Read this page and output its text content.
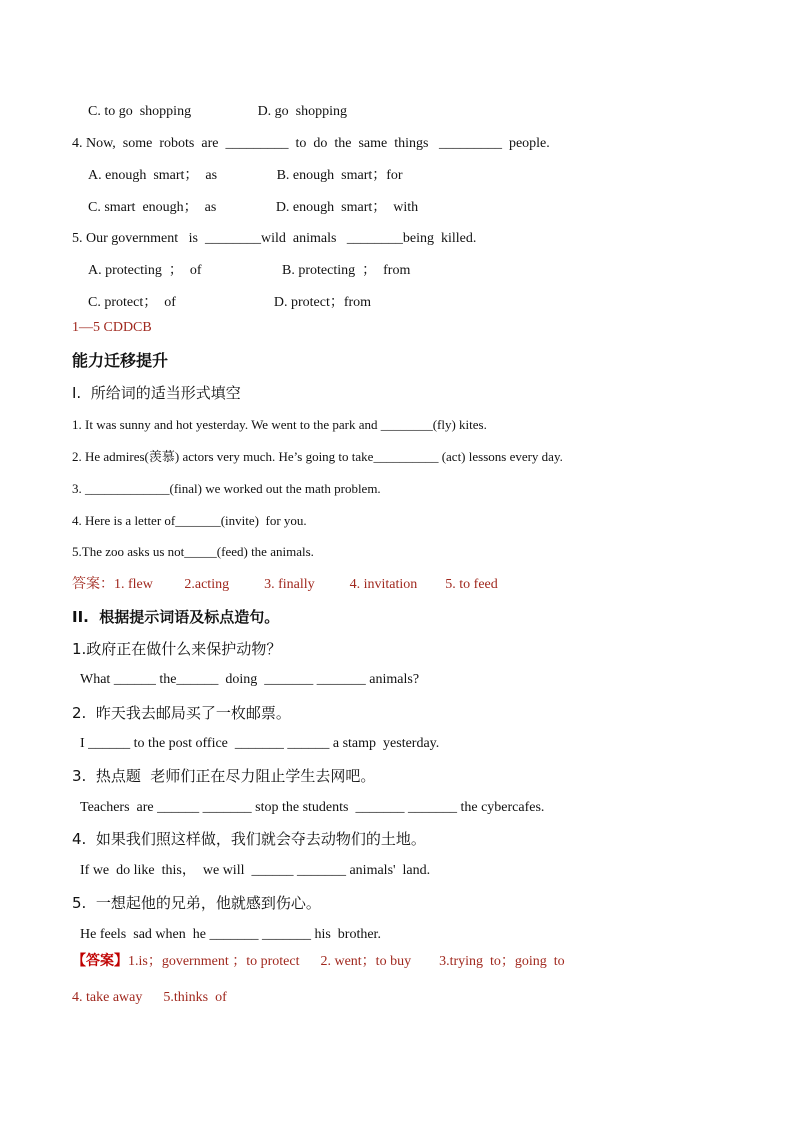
C. to go  shopping                   D. go  shopping
4. Now,  some  robots  are  _________  to  do  the  same  things   _________  people.
A. enough  smart；  as                 B. enough  smart；for
C. smart  enough；  as                 D. enough  smart；  with
5. Our government   is  ________wild  animals   ________being  killed.
A. protecting  ；  of                       B. protecting  ；  from
C. protect；  of                            D. protect；from
1—5 CDDCB
能力迁移提升
I.  所给词的适当形式填空
1. It was sunny and hot yesterday. We went to the park and ________(fly) kites.
2. He admires(羡慕) actors very much. He’s going to take__________ (act) lessons every day.
3. _____________(final) we worked out the math problem.
4. Here is a letter of_______(invite)  for you.
5.The zoo asks us not_____(feed) the animals.
答案：1. flew         2.acting          3. finally          4. invitation        5. to feed
II.  根据提示词语及标点造句。
1.政府正在做什么来保护动物？
What ______ the______  doing  _______ _______ animals?
2.  昨天我去邮局买了一枚邮票。
I ______ to the post office  _______ ______ a stamp  yesterday.
3.  热点题  老师们正在尽力阻止学生去网吧。
Teachers  are ______ _______ stop the students  _______ _______ the cybercafes.
4.  如果我们照这样做，我们就会夺去动物们的土地。
If we  do like  this，  we will  ______ _______ animals'  land.
5.  一想起他的兄弟，他就感到伤心。
He feels  sad when  he _______ _______ his  brother.
【答案】1.is；government ；to protect      2. went；to buy        3.trying  to；going  to
4. take away      5.thinks  of
